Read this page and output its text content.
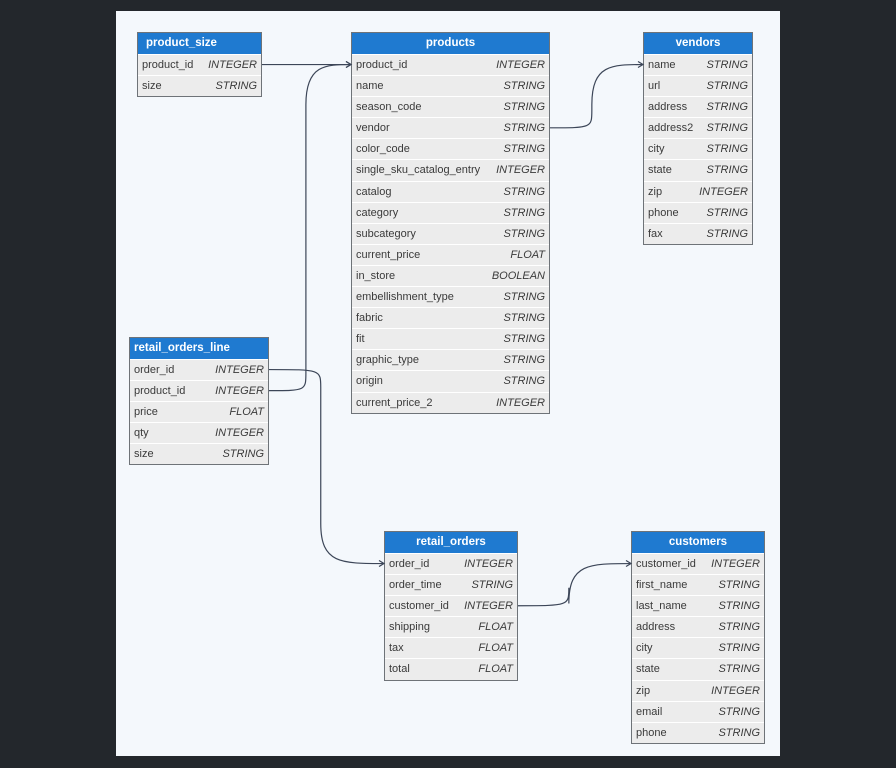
product_size
product_id INTEGER
size	STRING
products
product_id	INTEGER
name	STRING
season_code	STRING
vendor	STRING
color_code	STRING
single_sku_catalog_entry INTEGER
catalog	STRING
category	STRING
subcategory	STRING
current_price	FLOAT
in_store	BOOLEAN
embellishment_type	STRING
fabric	STRING
fit	STRING
graphic_type	STRING
origin	STRING
current_price_2	INTEGER
vendors
name	STRING
url	STRING
address STRING
address2 STRING
city	STRING
state	STRING
zip	INTEGER
phone	STRING
fax	STRING
retail_orders_line
order_id	INTEGER
product_id	INTEGER
price	FLOAT
qty	INTEGER
size	STRING
retail_orders
order_id	INTEGER
order_time	STRING
customer_id INTEGER
shipping	FLOAT
tax	FLOAT
total	FLOAT
customers
customer_id INTEGER
first_name	STRING
last_name	STRING
address	STRING
city	STRING
state	STRING
zip	INTEGER
email	STRING
phone	STRING
